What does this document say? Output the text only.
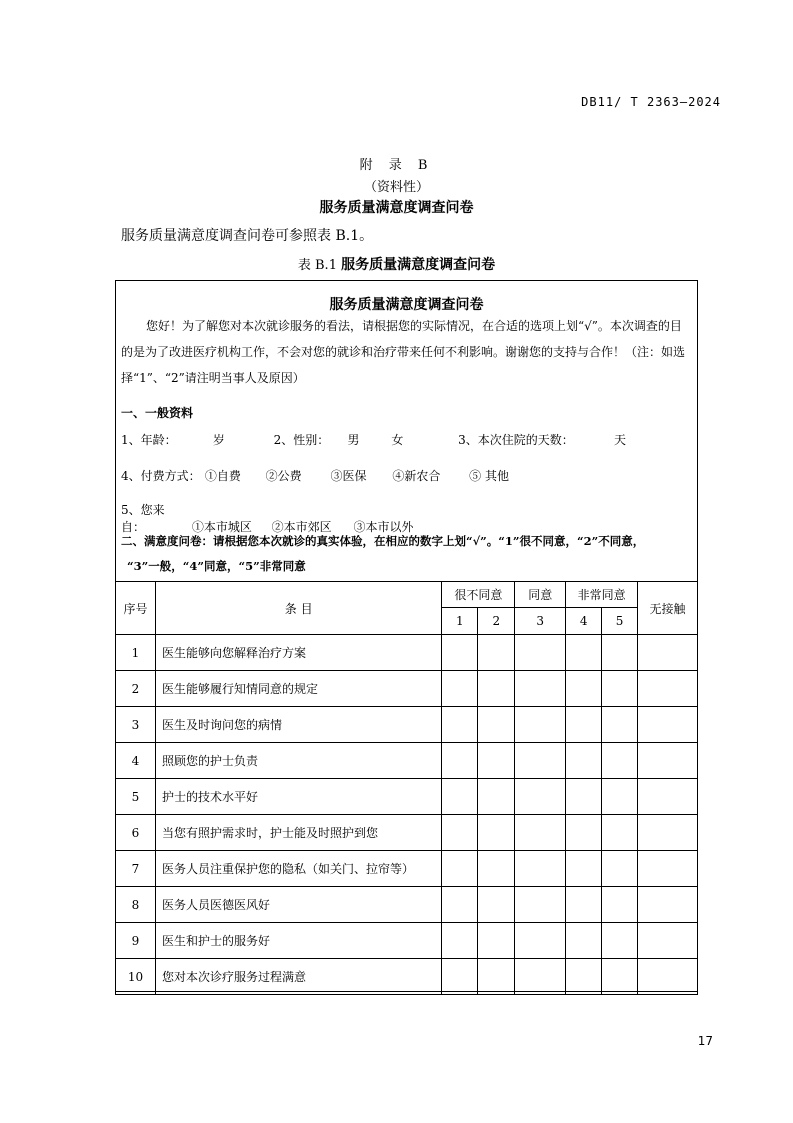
DB11/ T 2363—2024
附 录 B
（资料性）
服务质量满意度调查问卷
服务质量满意度调查问卷可参照表 B.1。
表 B.1 服务质量满意度调查问卷
服务质量满意度调查问卷
您好！为了解您对本次就诊服务的看法，请根据您的实际情况，在合适的选项上划“√”。本次调查的目的是为了改进医疗机构工作，不会对您的就诊和治疗带来任何不利影响。谢谢您的支持与合作！（注：如选择“1”、“2”请注明当事人及原因）
一、一般资料
1、年龄：	岁	2、性别： 男	女	3、本次住院的天数：	天
4、付费方式： ①自费 ②公费 ③医保 ④新农合 ⑤ 其他
5、您来自：	①本市城区 ②本市郊区 ③本市以外
二、满意度问卷：请根据您本次就诊的真实体验，在相应的数字上划“√”。“1”很不同意，“2”不同意，
“3”一般，“4”同意，“5”非常同意
序号	条 目	很不同意		同意	非常同意		无接触
		1	2	3	4	5	
1	医生能够向您解释治疗方案						
2	医生能够履行知情同意的规定						
3	医生及时询问您的病情						
4	照顾您的护士负责						
5	护士的技术水平好						
6	当您有照护需求时，护士能及时照护到您						
7	医务人员注重保护您的隐私（如关门、拉帘等）						
8	医务人员医德医风好						
9	医生和护士的服务好						
10	您对本次诊疗服务过程满意						
17
